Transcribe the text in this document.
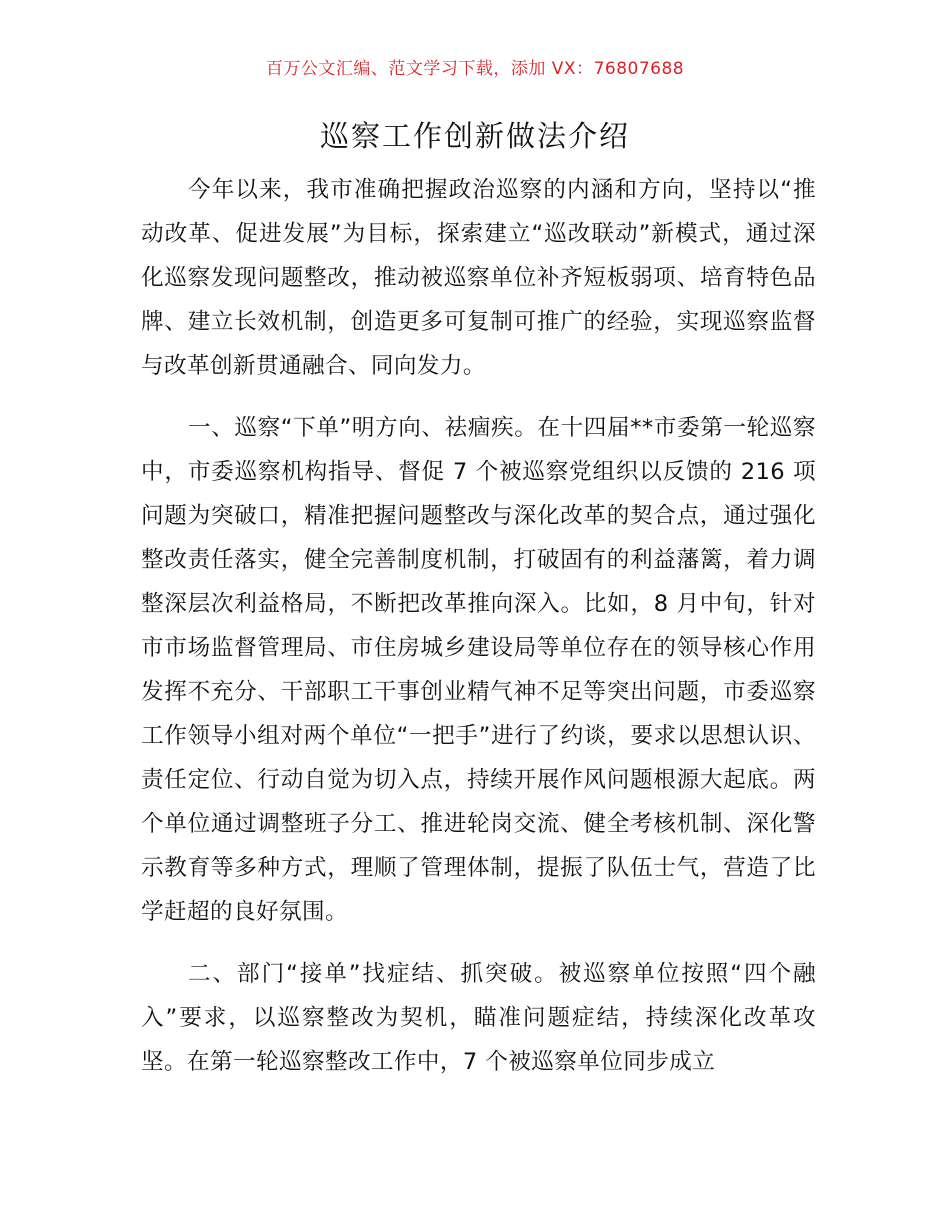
百万公文汇编、范文学习下载，添加 VX：76807688
巡察工作创新做法介绍

今年以来，我市准确把握政治巡察的内涵和方向，坚持以“推动改革、促进发展”为目标，探索建立“巡改联动”新模式，通过深化巡察发现问题整改，推动被巡察单位补齐短板弱项、培育特色品牌、建立长效机制，创造更多可复制可推广的经验，实现巡察监督与改革创新贯通融合、同向发力。

一、巡察“下单”明方向、祛痼疾。在十四届**市委第一轮巡察中，市委巡察机构指导、督促 7 个被巡察党组织以反馈的 216 项问题为突破口，精准把握问题整改与深化改革的契合点，通过强化整改责任落实，健全完善制度机制，打破固有的利益藩篱，着力调整深层次利益格局，不断把改革推向深入。比如，8 月中旬，针对市市场监督管理局、市住房城乡建设局等单位存在的领导核心作用发挥不充分、干部职工干事创业精气神不足等突出问题，市委巡察工作领导小组对两个单位“一把手”进行了约谈，要求以思想认识、责任定位、行动自觉为切入点，持续开展作风问题根源大起底。两个单位通过调整班子分工、推进轮岗交流、健全考核机制、深化警示教育等多种方式，理顺了管理体制，提振了队伍士气，营造了比学赶超的良好氛围。

二、部门“接单”找症结、抓突破。被巡察单位按照“四个融入”要求，以巡察整改为契机，瞄准问题症结，持续深化改革攻坚。在第一轮巡察整改工作中，7 个被巡察单位同步成立
